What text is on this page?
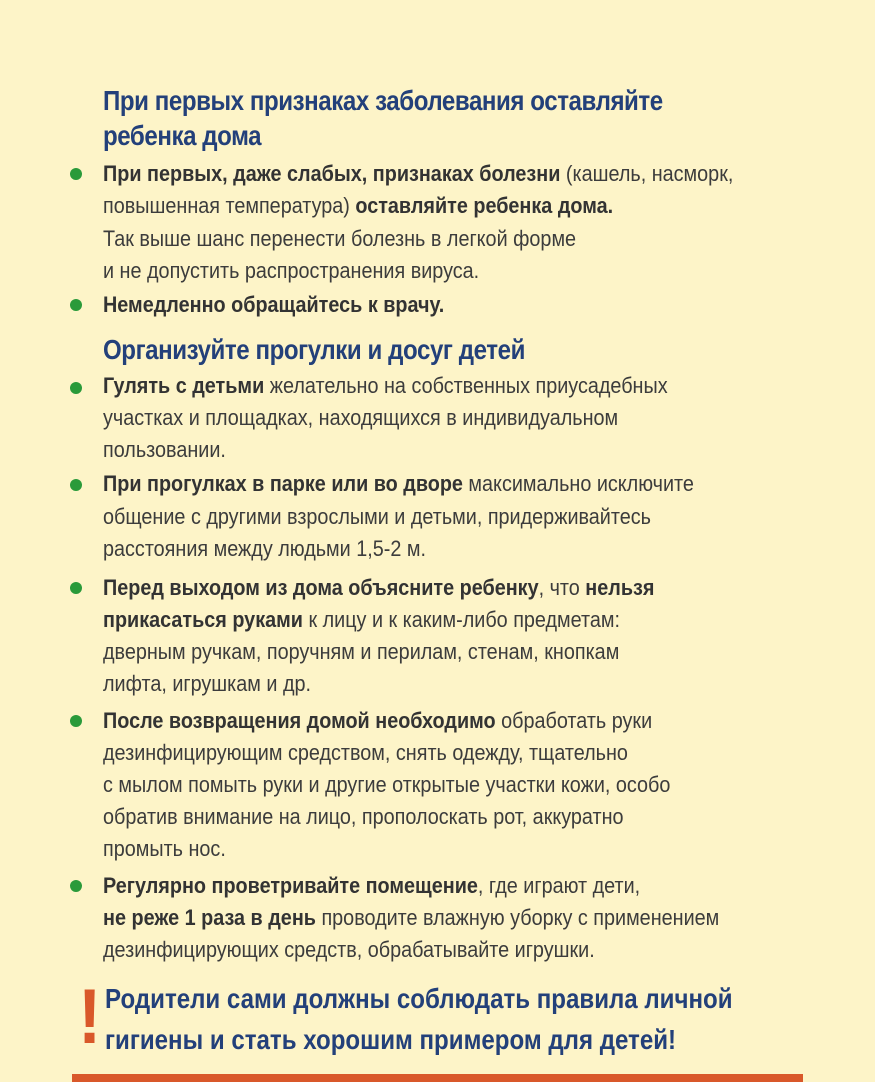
При первых признаках заболевания оставляйте
ребенка дома
При первых, даже слабых, признаках болезни (кашель, насморк,
повышенная температура) оставляйте ребенка дома.
Так выше шанс перенести болезнь в легкой форме
и не допустить распространения вируса.
Немедленно обращайтесь к врачу.
Организуйте прогулки и досуг детей
Гулять с детьми желательно на собственных приусадебных
участках и площадках, находящихся в индивидуальном
пользовании.
При прогулках в парке или во дворе максимально исключите
общение с другими взрослыми и детьми, придерживайтесь
расстояния между людьми 1,5-2 м.
Перед выходом из дома объясните ребенку, что нельзя
прикасаться руками к лицу и к каким-либо предметам:
дверным ручкам, поручням и перилам, стенам, кнопкам
лифта, игрушкам и др.
После возвращения домой необходимо обработать руки
дезинфицирующим средством, снять одежду, тщательно
с мылом помыть руки и другие открытые участки кожи, особо
обратив внимание на лицо, прополоскать рот, аккуратно
промыть нос.
Регулярно проветривайте помещение, где играют дети,
не реже 1 раза в день проводите влажную уборку с применением
дезинфицирующих средств, обрабатывайте игрушки.
! Родители сами должны соблюдать правила личной
гигиены и стать хорошим примером для детей!
